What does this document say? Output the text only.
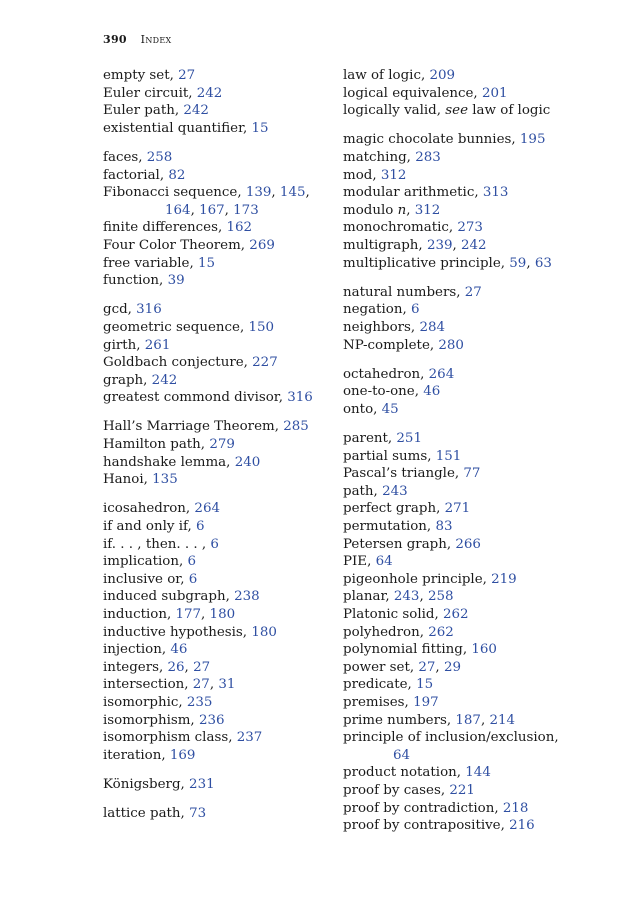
390 Index
empty set, 27
Euler circuit, 242
Euler path, 242
existential quantifier, 15
faces, 258
factorial, 82
Fibonacci sequence, 139, 145,
164, 167, 173
finite differences, 162
Four Color Theorem, 269
free variable, 15
function, 39
gcd, 316
geometric sequence, 150
girth, 261
Goldbach conjecture, 227
graph, 242
greatest commond divisor, 316
Hall’s Marriage Theorem, 285
Hamilton path, 279
handshake lemma, 240
Hanoi, 135
icosahedron, 264
if and only if, 6
if. . . , then. . . , 6
implication, 6
inclusive or, 6
induced subgraph, 238
induction, 177, 180
inductive hypothesis, 180
injection, 46
integers, 26, 27
intersection, 27, 31
isomorphic, 235
isomorphism, 236
isomorphism class, 237
iteration, 169
Königsberg, 231
lattice path, 73
law of logic, 209
logical equivalence, 201
logically valid, see law of logic
magic chocolate bunnies, 195
matching, 283
mod, 312
modular arithmetic, 313
modulo n, 312
monochromatic, 273
multigraph, 239, 242
multiplicative principle, 59, 63
natural numbers, 27
negation, 6
neighbors, 284
NP-complete, 280
octahedron, 264
one-to-one, 46
onto, 45
parent, 251
partial sums, 151
Pascal’s triangle, 77
path, 243
perfect graph, 271
permutation, 83
Petersen graph, 266
PIE, 64
pigeonhole principle, 219
planar, 243, 258
Platonic solid, 262
polyhedron, 262
polynomial fitting, 160
power set, 27, 29
predicate, 15
premises, 197
prime numbers, 187, 214
principle of inclusion/exclusion,
64
product notation, 144
proof by cases, 221
proof by contradiction, 218
proof by contrapositive, 216
